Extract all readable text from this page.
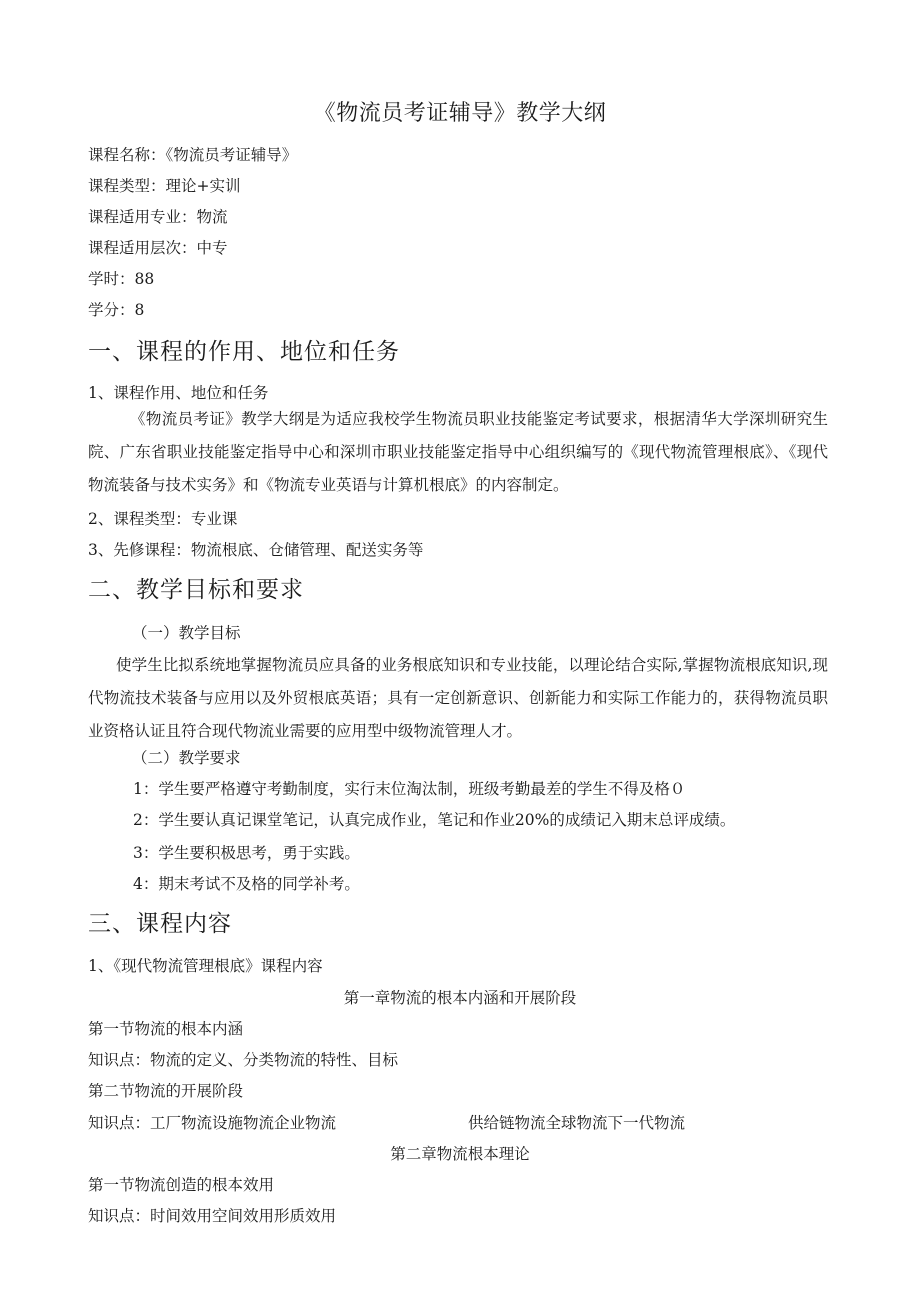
《物流员考证辅导》教学大纲
课程名称：《物流员考证辅导》
课程类型：理论+实训
课程适用专业：物流
课程适用层次：中专
学时：88
学分：8
一、课程的作用、地位和任务
1、课程作用、地位和任务
《物流员考证》教学大纲是为适应我校学生物流员职业技能鉴定考试要求，根据清华大学深圳研究生院、广东省职业技能鉴定指导中心和深圳市职业技能鉴定指导中心组织编写的《现代物流管理根底》、《现代物流装备与技术实务》和《物流专业英语与计算机根底》的内容制定。
2、课程类型：专业课
3、先修课程：物流根底、仓储管理、配送实务等
二、教学目标和要求
（一）教学目标
使学生比拟系统地掌握物流员应具备的业务根底知识和专业技能，以理论结合实际,掌握物流根底知识,现代物流技术装备与应用以及外贸根底英语；具有一定创新意识、创新能力和实际工作能力的，获得物流员职业资格认证且符合现代物流业需要的应用型中级物流管理人才。
（二）教学要求
1：学生要严格遵守考勤制度，实行末位淘汰制，班级考勤最差的学生不得及格０
2：学生要认真记课堂笔记，认真完成作业，笔记和作业20%的成绩记入期末总评成绩。
3：学生要积极思考，勇于实践。
4：期末考试不及格的同学补考。
三、课程内容
1、《现代物流管理根底》课程内容
第一章物流的根本内涵和开展阶段
第一节物流的根本内涵
知识点：物流的定义、分类物流的特性、目标
第二节物流的开展阶段
知识点：工厂物流设施物流企业物流	供给链物流全球物流下一代物流
第二章物流根本理论
第一节物流创造的根本效用
知识点：时间效用空间效用形质效用
